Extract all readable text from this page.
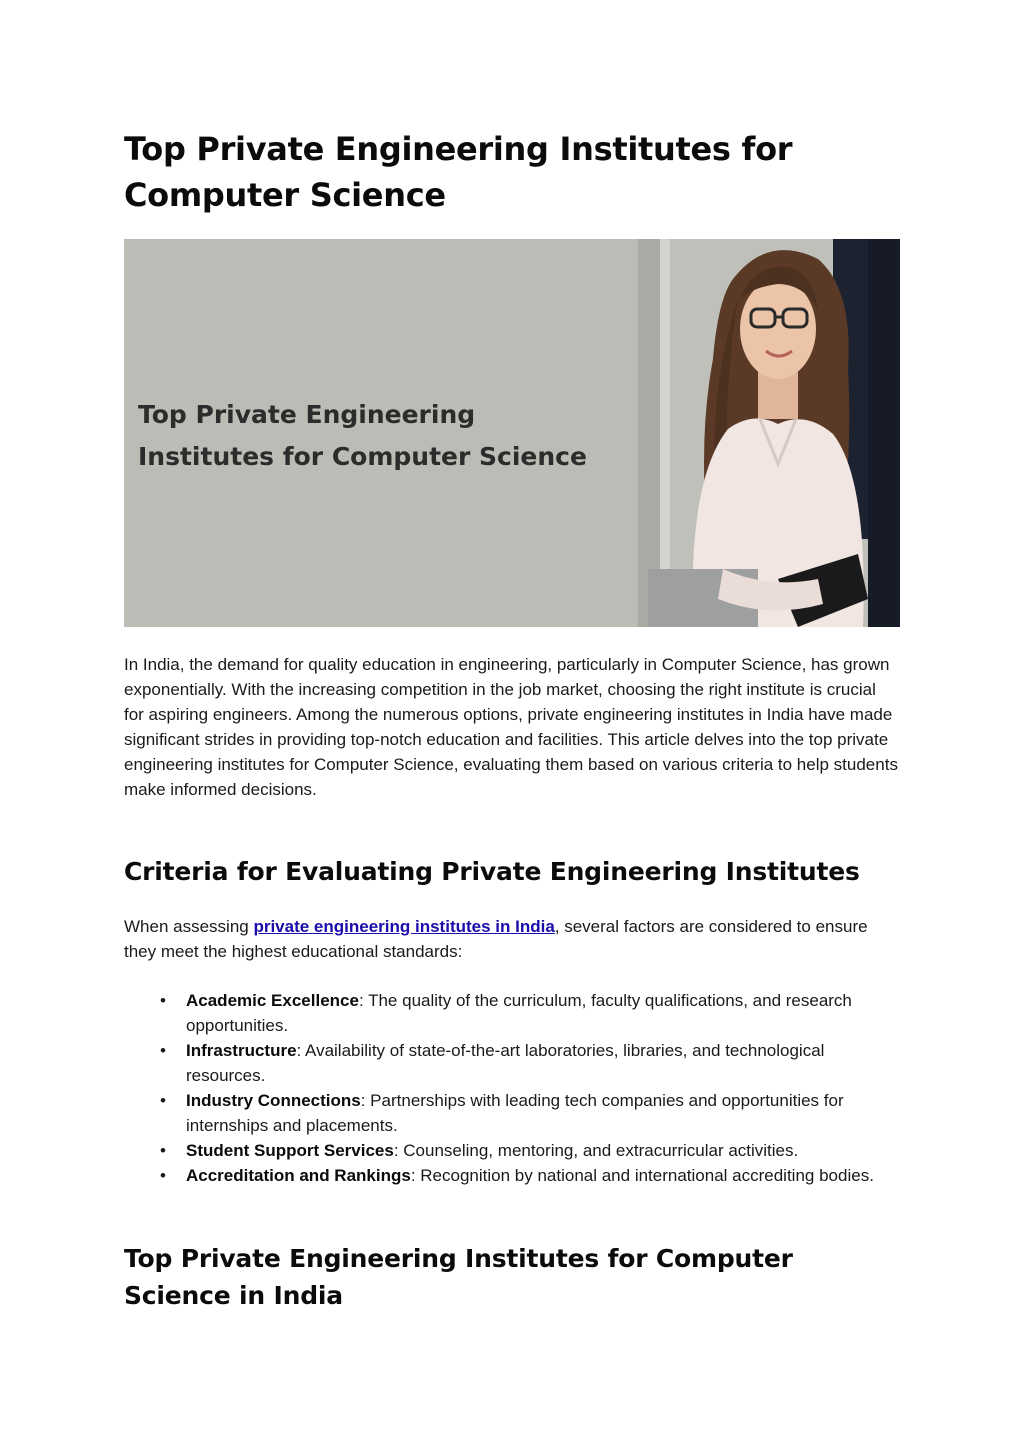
Top Private Engineering Institutes for Computer Science
Top Private Engineering
Institutes for Computer Science

In India, the demand for quality education in engineering, particularly in Computer Science, has grown exponentially. With the increasing competition in the job market, choosing the right institute is crucial for aspiring engineers. Among the numerous options, private engineering institutes in India have made significant strides in providing top-notch education and facilities. This article delves into the top private engineering institutes for Computer Science, evaluating them based on various criteria to help students make informed decisions.

Criteria for Evaluating Private Engineering Institutes

When assessing private engineering institutes in India, several factors are considered to ensure they meet the highest educational standards:

• Academic Excellence: The quality of the curriculum, faculty qualifications, and research opportunities.
• Infrastructure: Availability of state-of-the-art laboratories, libraries, and technological resources.
• Industry Connections: Partnerships with leading tech companies and opportunities for internships and placements.
• Student Support Services: Counseling, mentoring, and extracurricular activities.
• Accreditation and Rankings: Recognition by national and international accrediting bodies.
Top Private Engineering Institutes for Computer Science in India
